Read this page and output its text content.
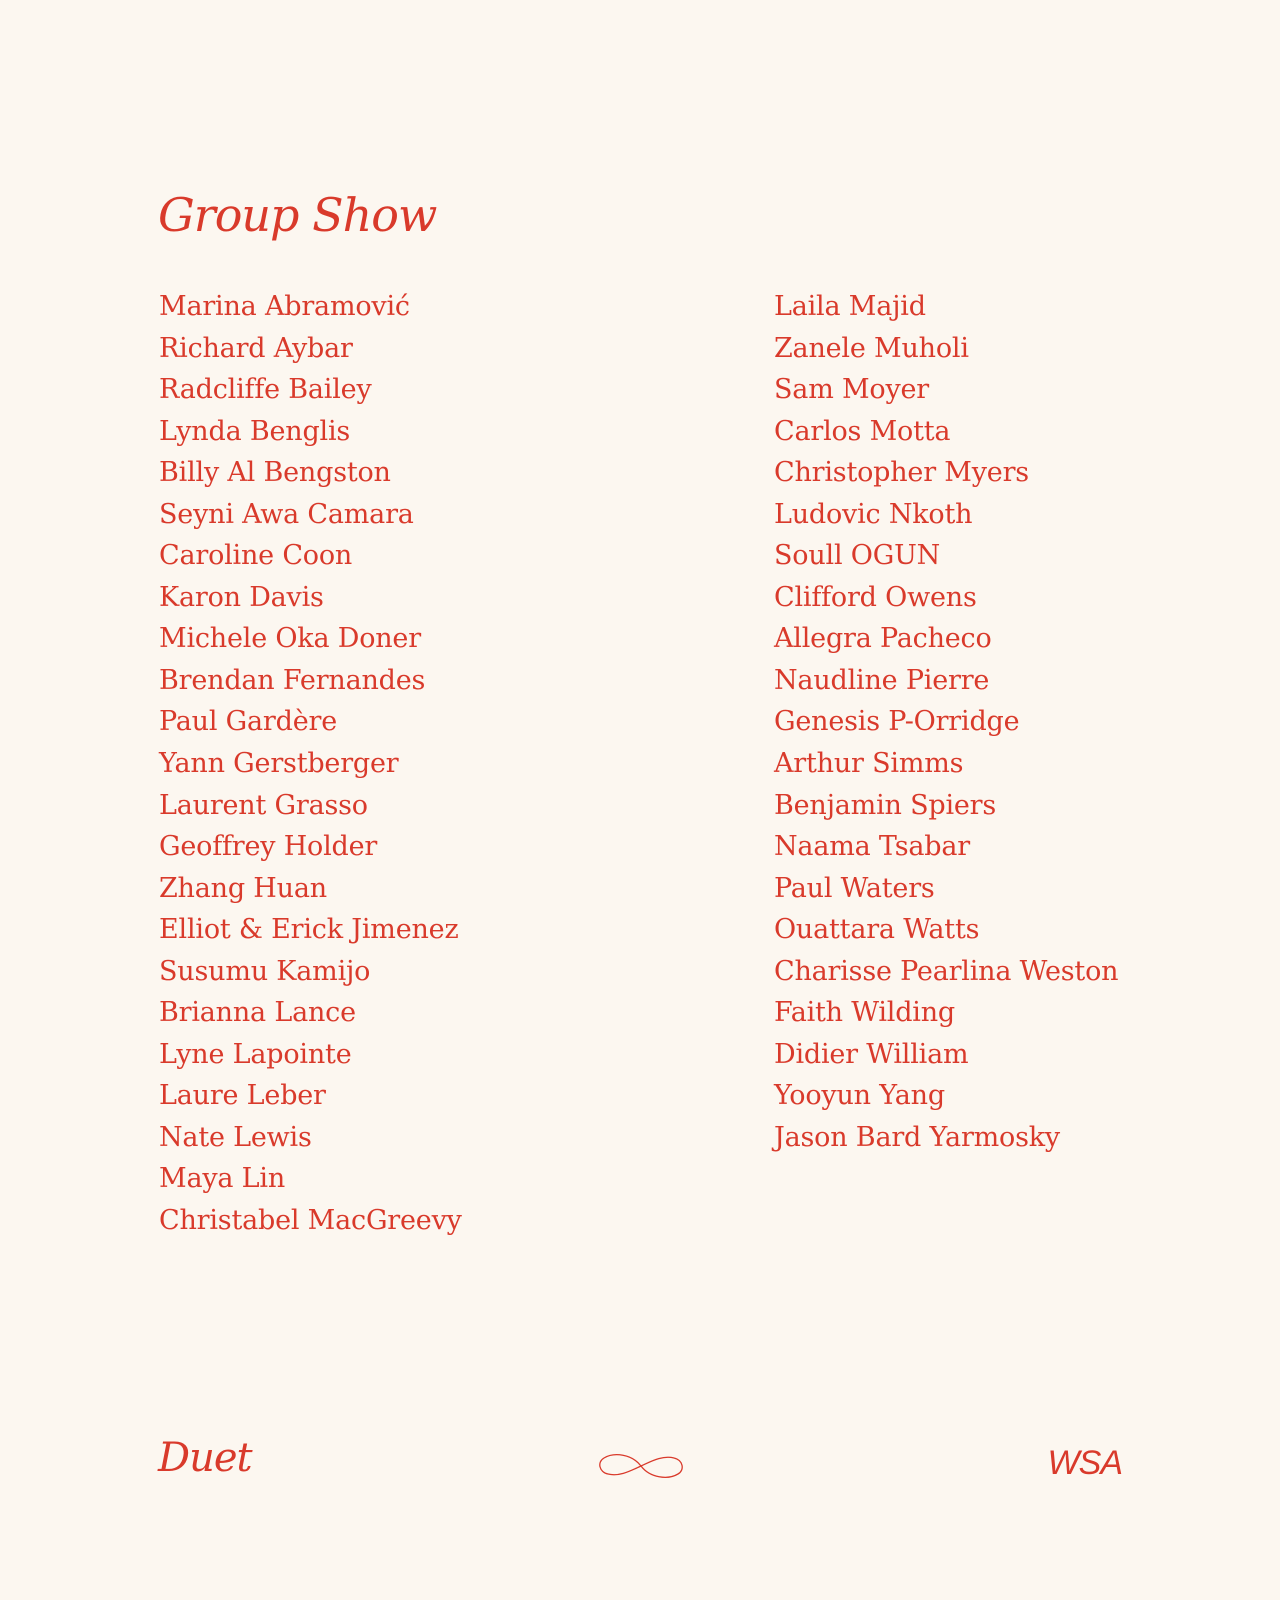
Group Show
Marina Abramović
Richard Aybar
Radcliffe Bailey
Lynda Benglis
Billy Al Bengston
Seyni Awa Camara
Caroline Coon
Karon Davis
Michele Oka Doner
Brendan Fernandes
Paul Gardère
Yann Gerstberger
Laurent Grasso
Geoffrey Holder
Zhang Huan
Elliot & Erick Jimenez
Susumu Kamijo
Brianna Lance
Lyne Lapointe
Laure Leber
Nate Lewis
Maya Lin
Christabel MacGreevy
Laila Majid
Zanele Muholi
Sam Moyer
Carlos Motta
Christopher Myers
Ludovic Nkoth
Soull OGUN
Clifford Owens
Allegra Pacheco
Naudline Pierre
Genesis P-Orridge
Arthur Simms
Benjamin Spiers
Naama Tsabar
Paul Waters
Ouattara Watts
Charisse Pearlina Weston
Faith Wilding
Didier William
Yooyun Yang
Jason Bard Yarmosky
Duet	WSA
